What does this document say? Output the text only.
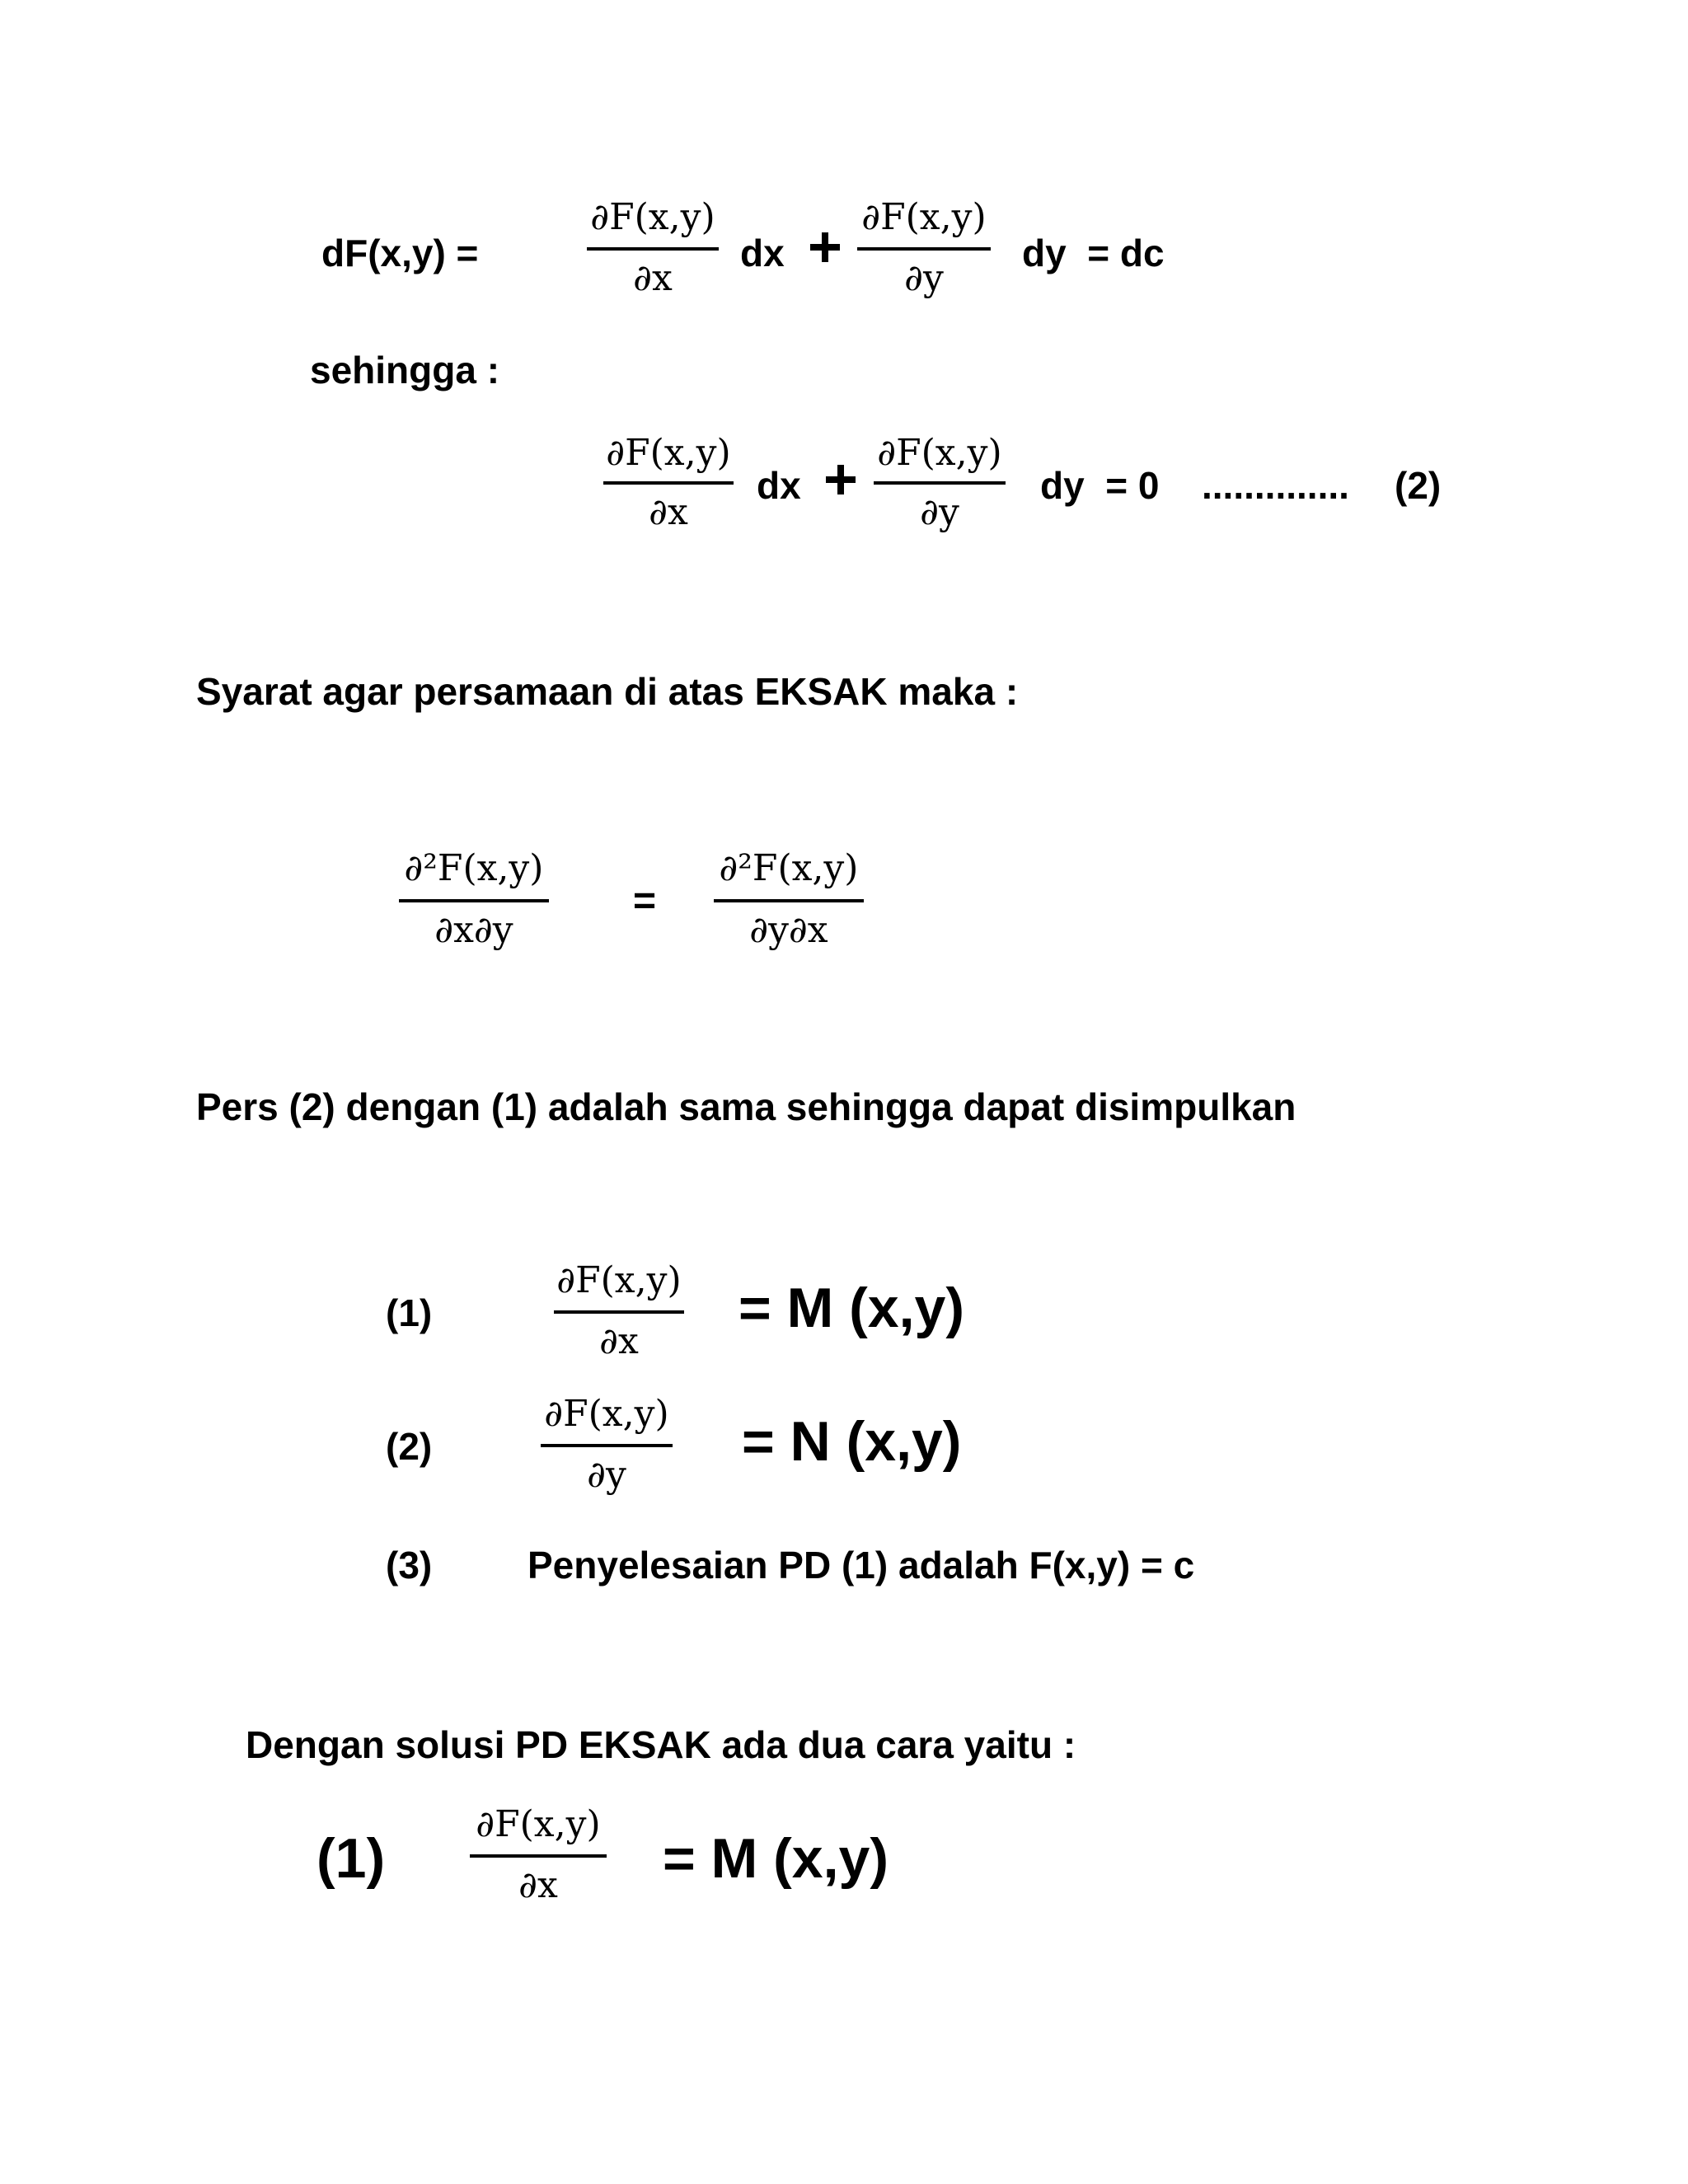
dF(x,y) =
∂F(x,y)
∂x
dx
∂F(x,y)
∂y
dy  = dc
sehingga :
∂F(x,y)
∂x
dx
∂F(x,y)
∂y
dy  = 0 .............. (2)
Syarat agar persamaan di atas EKSAK maka :
∂²F(x,y)
∂x∂y
=
∂²F(x,y)
∂y∂x
Pers (2) dengan (1) adalah sama sehingga dapat disimpulkan
(1)
∂F(x,y)
∂x
= M (x,y)
(2)
∂F(x,y)
∂y
= N (x,y)
(3)	Penyelesaian PD (1) adalah F(x,y) = c
Dengan solusi PD EKSAK ada dua cara yaitu :
(1)
∂F(x,y)
∂x	= M (x,y)
